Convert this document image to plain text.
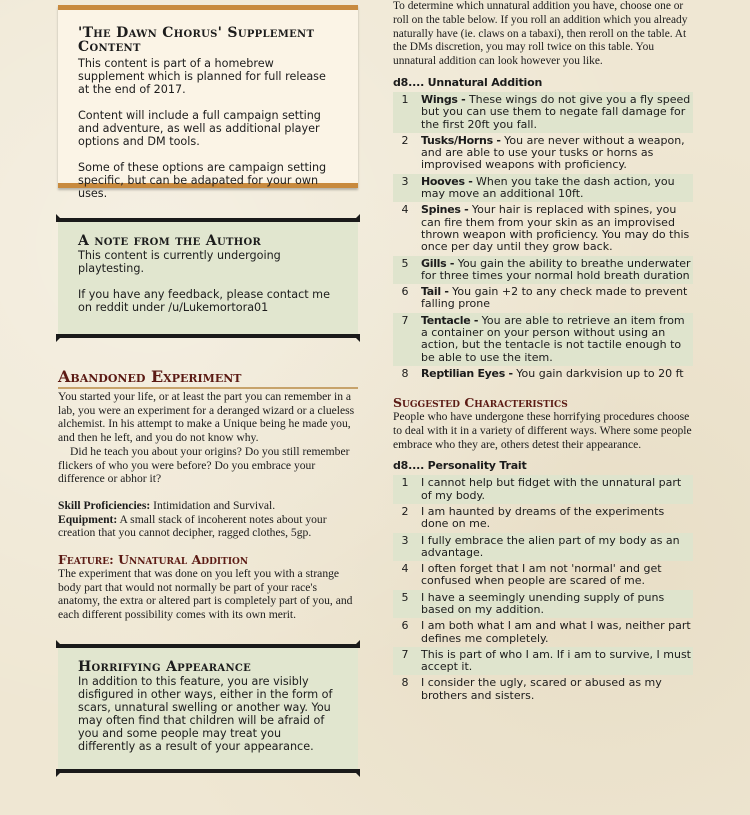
'The Dawn Chorus' Supplement Content

This content is part of a homebrew supplement which is planned for full release at the end of 2017.

Content will include a full campaign setting and adventure, as well as additional player options and DM tools.

Some of these options are campaign setting specific, but can be adapated for your own uses.

A note from the Author

This content is currently undergoing playtesting.

If you have any feedback, please contact me on reddit under /u/Lukemortora01

Abandoned Experiment

You started your life, or at least the part you can remember in a lab, you were an experiment for a deranged wizard or a clueless alchemist. In his attempt to make a Unique being he made you, and then he left, and you do not know why.

Did he teach you about your origins? Do you still remember flickers of who you were before? Do you embrace your difference or abhor it?

Skill Proficiencies: Intimidation and Survival.

Equipment: A small stack of incoherent notes about your creation that you cannot decipher, ragged clothes, 5gp.

Feature: Unnatural Addition

The experiment that was done on you left you with a strange body part that would not normally be part of your race's anatomy, the extra or altered part is completely part of you, and each different possibility comes with its own merit.

Horrifying Appearance

In addition to this feature, you are visibly disfigured in other ways, either in the form of scars, unnatural swelling or another way. You may often find that children will be afraid of you and some people may treat you differently as a result of your appearance.

To determine which unnatural addition you have, choose one or roll on the table below. If you roll an addition which you already naturally have (ie. claws on a tabaxi), then reroll on the table. At the DMs discretion, you may roll twice on this table. You unnatural addition can look however you like.

d8.... Unnatural Addition

1	Wings - These wings do not give you a fly speed but you can use them to negate fall damage for the first 20ft you fall.
2	Tusks/Horns - You are never without a weapon, and are able to use your tusks or horns as improvised weapons with proficiency.
3	Hooves - When you take the dash action, you may move an additional 10ft.
4	Spines - Your hair is replaced with spines, you can fire them from your skin as an improvised thrown weapon with proficiency. You may do this once per day until they grow back.
5	Gills - You gain the ability to breathe underwater for three times your normal hold breath duration
6	Tail - You gain +2 to any check made to prevent falling prone
7	Tentacle - You are able to retrieve an item from a container on your person without using an action, but the tentacle is not tactile enough to be able to use the item.
8	Reptilian Eyes - You gain darkvision up to 20 ft
Suggested Characteristics

People who have undergone these horrifying procedures choose to deal with it in a variety of different ways. Where some people embrace who they are, others detest their appearance.

d8.... Personality Trait

1	I cannot help but fidget with the unnatural part of my body.
2	I am haunted by dreams of the experiments done on me.
3	I fully embrace the alien part of my body as an advantage.
4	I often forget that I am not 'normal' and get confused when people are scared of me.
5	I have a seemingly unending supply of puns based on my addition.
6	I am both what I am and what I was, neither part defines me completely.
7	This is part of who I am. If i am to survive, I must accept it.
8	I consider the ugly, scared or abused as my brothers and sisters.
